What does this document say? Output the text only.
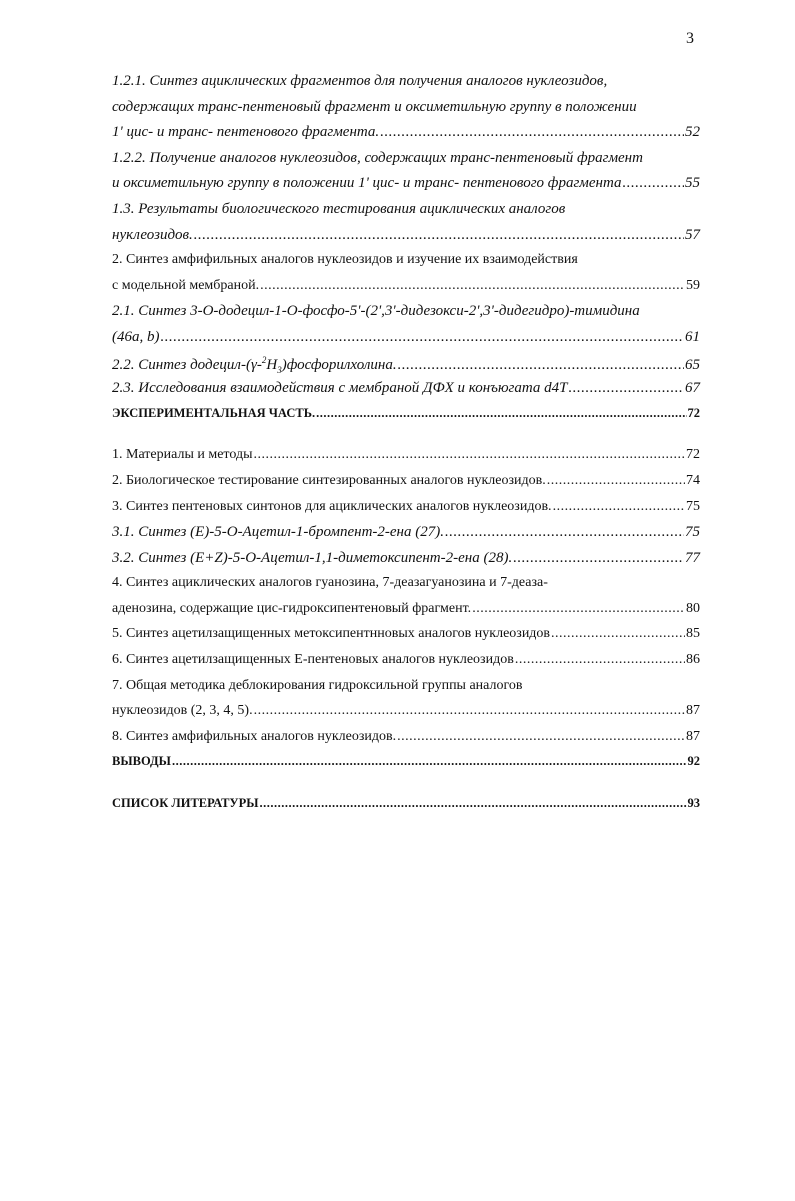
3
1.2.1. Синтез ациклических фрагментов для получения аналогов нуклеозидов,
содержащих транс-пентеновый фрагмент и оксиметильную группу в положении
1' цис- и транс- пентенового фрагмента. .....	52
1.2.2. Получение аналогов нуклеозидов, содержащих транс-пентеновый фрагмент
и оксиметильную группу в положении 1' цис- и транс- пентенового фрагмента .....	55
1.3. Результаты биологического тестирования ациклических аналогов
нуклеозидов. .....	57
2. Синтез амфифильных аналогов нуклеозидов и изучение их взаимодействия
с модельной мембраной. .....	59
2.1. Синтез 3-О-додецил-1-О-фосфо-5'-(2',3'-дидезокси-2',3'-дидегидро)-тимидина
(46a, b) .....	61
2.2. Синтез додецил-$(\gamma-^2H_3)фосфорилхолина$. .....	65
2.3. Исследования взаимодействия с мембраной ДФХ и конъюгата d4T .....	67
ЭКСПЕРИМЕНТАЛЬНАЯ ЧАСТЬ. .....	72
1. Материалы и методы .....	72
2. Биологическое тестирование синтезированных аналогов нуклеозидов. .....	74
3. Синтез пентеновых синтонов для ациклических аналогов нуклеозидов. .....	75
3.1. Синтез (E)-5-О-Ацетил-1-бромпент-2-ена (27). .....	75
3.2. Синтез (E+Z)-5-О-Ацетил-1,1-диметоксипент-2-ена (28). .....	77
4. Синтез ациклических аналогов гуанозина, 7-деазагуанозина и 7-деаза-
аденозина, содержащие цис-гидроксипентеновый фрагмент. .....	80
5. Синтез ацетилзащищенных метоксипентнновых аналогов нуклеозидов .....	85
6. Синтез ацетилзащищенных E-пентеновых аналогов нуклеозидов .....	86
7. Общая методика деблокирования гидроксильной группы аналогов
нуклеозидов (2, 3, 4, 5). .....	87
8. Синтез амфифильных аналогов нуклеозидов. .....	87
ВЫВОДЫ .....	92
СПИСОК ЛИТЕРАТУРЫ .....	93
